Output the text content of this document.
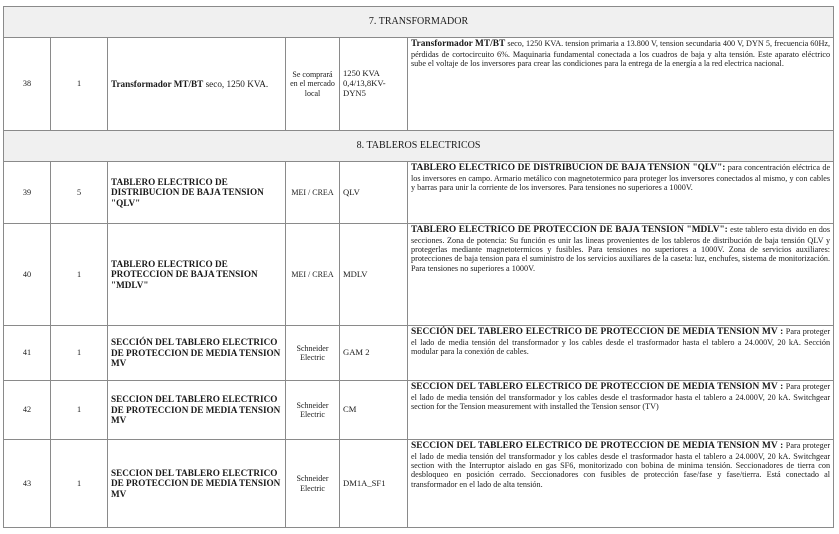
7. TRANSFORMADOR					
38	1	Transformador MT/BT seco, 1250 KVA.	Se comprará en el mercado local	1250 KVA 0,4/13,8KV-DYN5	Transformador MT/BT seco, 1250 KVA. tension primaria a 13.800 V, tension secundaria 400 V, DYN 5, frecuencia 60Hz, pérdidas de cortocircuito 6%. Maquinaria fundamental conectada a los cuadros de baja y alta tensión. Este aparato eléctrico sube el voltaje de los inversores para crear las condiciones para la entrega de la energía a la red electrica nacional.
8. TABLEROS ELECTRICOS					
39	5	TABLERO ELECTRICO DE DISTRIBUCION DE BAJA TENSION "QLV"	MEI / CREA	QLV	TABLERO ELECTRICO DE DISTRIBUCION DE BAJA TENSION "QLV": para concentración eléctrica de los inversores en campo. Armario metálico con magnetotermico para proteger los inversores conectados al mismo, y con cables y barras para unir la corriente de los inversores. Para tensiones no superiores a 1000V.
40	1	TABLERO ELECTRICO DE PROTECCION DE BAJA TENSION "MDLV"	MEI / CREA	MDLV	TABLERO ELECTRICO DE PROTECCION DE BAJA TENSION "MDLV": este tablero esta divido en dos secciones. Zona de potencia: Su función es unir las lineas provenientes de los tableros de distribución de baja tensión QLV y protegerlas mediante magnetotermicos y fusibles. Para tensiones no superiores a 1000V. Zona de servicios auxiliares: protecciones de baja tension para el suministro de los servicios auxiliares de la caseta: luz, enchufes, sistema de monitorización. Para tensiones no superiores a 1000V.
41	1	SECCIÓN DEL TABLERO ELECTRICO DE PROTECCION DE MEDIA TENSION MV	Schneider Electric	GAM 2	SECCIÓN DEL TABLERO ELECTRICO DE PROTECCION DE MEDIA TENSION MV : Para proteger el lado de media tensión del transformador y los cables desde el trasformador hasta el tablero a 24.000V, 20 kA. Sección modular para la conexión de cables.
42	1	SECCION DEL TABLERO ELECTRICO DE PROTECCION DE MEDIA TENSION MV	Schneider Electric	CM	SECCION DEL TABLERO ELECTRICO DE PROTECCION DE MEDIA TENSION MV : Para proteger el lado de media tensión del transformador y los cables desde el trasformador hasta el tablero a 24.000V, 20 kA. Switchgear section for the Tension measurement with installed the Tension sensor (TV)
43	1	SECCION DEL TABLERO ELECTRICO DE PROTECCION DE MEDIA TENSION MV	Schneider Electric	DM1A_SF1	SECCION DEL TABLERO ELECTRICO DE PROTECCION DE MEDIA TENSION MV : Para proteger el lado de media tensión del transformador y los cables desde el trasformador hasta el tablero a 24.000V, 20 kA. Switchgear section with the Interruptor aislado en gas SF6, monitorizado con bobina de minima tensión. Seccionadores de tierra con desbloqueo en posición cerrado. Seccionadores con fusibles de protección fase/fase y fase/tierra. Está conectado al transformador en el lado de alta tensión.
